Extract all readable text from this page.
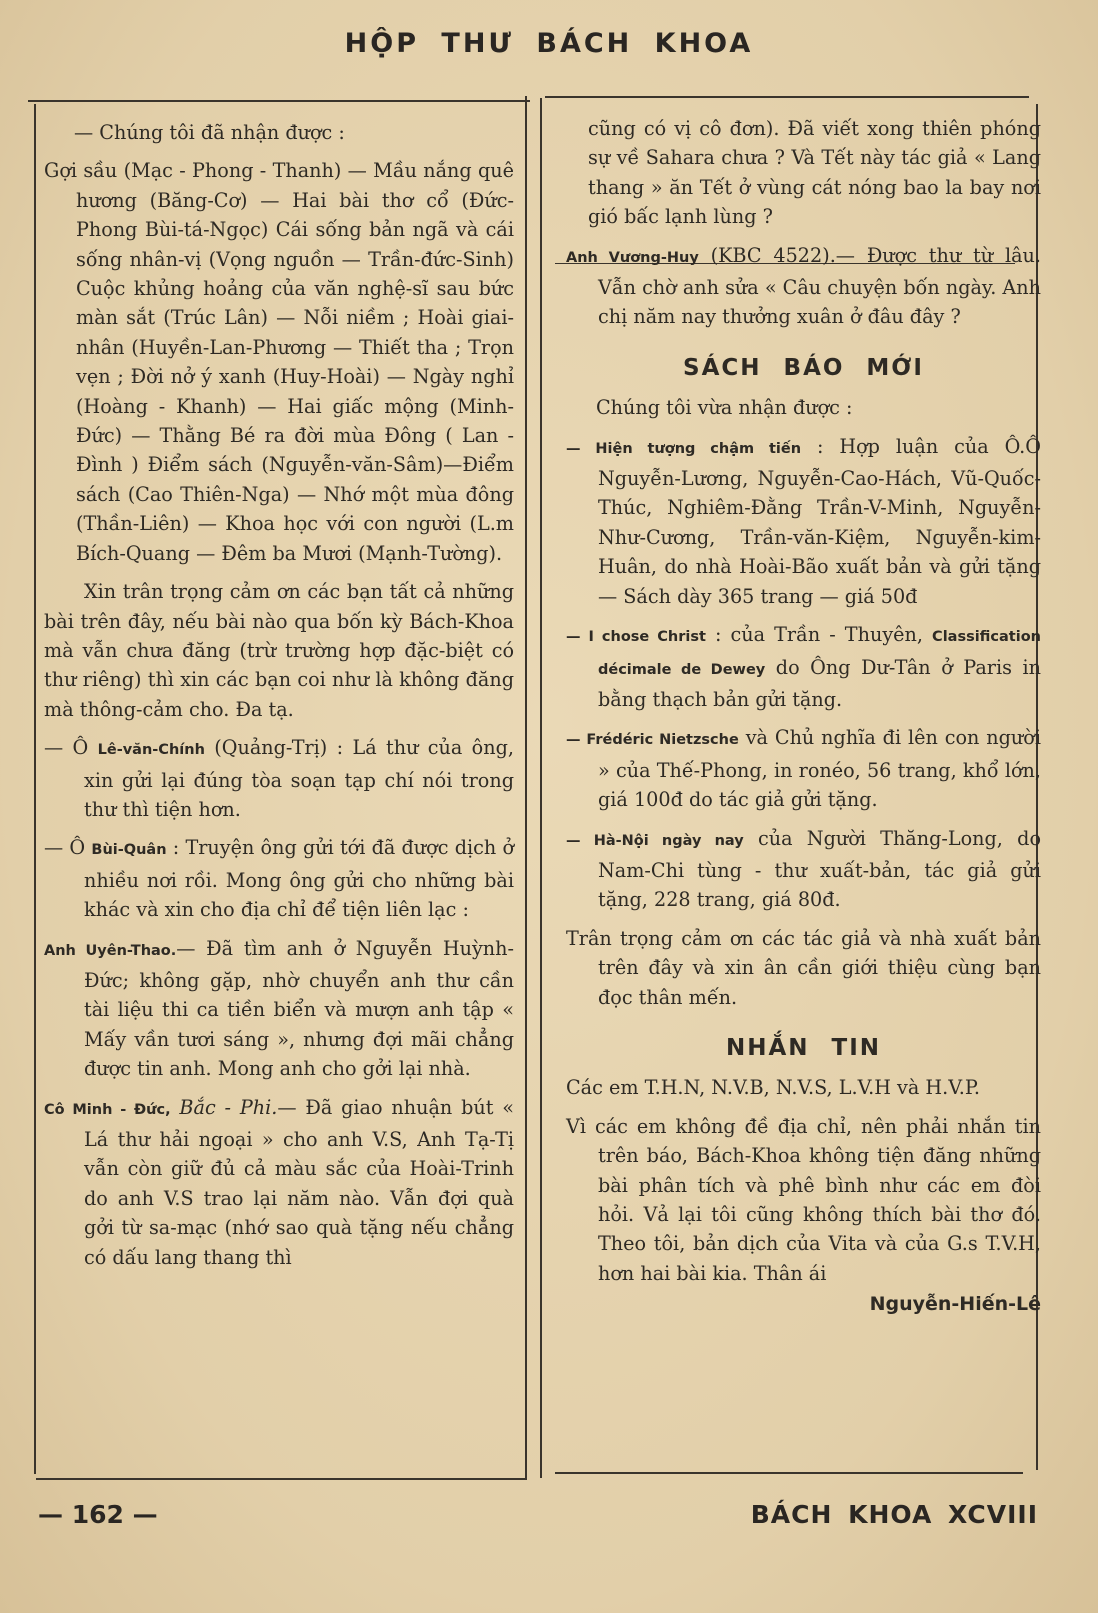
HỘP THƯ BÁCH KHOA

— Chúng tôi đã nhận được :

Gợi sầu (Mạc - Phong - Thanh) — Mầu nắng quê hương (Băng-Cơ) — Hai bài thơ cổ (Đức-Phong Bùi-tá-Ngọc) Cái sống bản ngã và cái sống nhân-vị (Vọng nguồn — Trần-đức-Sinh) Cuộc khủng hoảng của văn nghệ-sĩ sau bức màn sắt (Trúc Lân) — Nỗi niềm ; Hoài giai-nhân (Huyền-Lan-Phương — Thiết tha ; Trọn vẹn ; Đời nở ý xanh (Huy-Hoài) — Ngày nghỉ (Hoàng - Khanh) — Hai giấc mộng (Minh-Đức) — Thằng Bé ra đời mùa Đông ( Lan - Đình ) Điểm sách (Nguyễn-văn-Sâm)—Điểm sách (Cao Thiên-Nga) — Nhớ một mùa đông (Thần-Liên) — Khoa học với con người (L.m Bích-Quang — Đêm ba Mươi (Mạnh-Tường).

Xin trân trọng cảm ơn các bạn tất cả những bài trên đây, nếu bài nào qua bốn kỳ Bách-Khoa mà vẫn chưa đăng (trừ trường hợp đặc-biệt có thư riêng) thì xin các bạn coi như là không đăng mà thông-cảm cho. Đa tạ.

— Ô Lê-văn-Chính (Quảng-Trị) : Lá thư của ông, xin gửi lại đúng tòa soạn tạp chí nói trong thư thì tiện hơn.

— Ô Bùi-Quân : Truyện ông gửi tới đã được dịch ở nhiều nơi rồi. Mong ông gửi cho những bài khác và xin cho địa chỉ để tiện liên lạc :

Anh Uyên-Thao.— Đã tìm anh ở Nguyễn Huỳnh-Đức; không gặp, nhờ chuyển anh thư cần tài liệu thi ca tiền biển và mượn anh tập « Mấy vần tươi sáng », nhưng đợi mãi chẳng được tin anh. Mong anh cho gởi lại nhà.

Cô Minh - Đức, Bắc - Phi.— Đã giao nhuận bút « Lá thư hải ngoại » cho anh V.S, Anh Tạ-Tị vẫn còn giữ đủ cả màu sắc của Hoài-Trinh do anh V.S trao lại năm nào. Vẫn đợi quà gởi từ sa-mạc (nhớ sao quà tặng nếu chẳng có dấu lang thang thì

cũng có vị cô đơn). Đã viết xong thiên phóng sự về Sahara chưa ? Và Tết này tác giả « Lang thang » ăn Tết ở vùng cát nóng bao la bay nơi gió bấc lạnh lùng ?

Anh Vương-Huy (KBC 4522).— Được thư từ lâu. Vẫn chờ anh sửa « Câu chuyện bốn ngày. Anh chị năm nay thưởng xuân ở đâu đây ?

SÁCH BÁO MỚI

Chúng tôi vừa nhận được :

— Hiện tượng chậm tiến : Hợp luận của Ô.Ô Nguyễn-Lương, Nguyễn-Cao-Hách, Vũ-Quốc-Thúc, Nghiêm-Đằng Trần-V-Minh, Nguyễn-Như-Cương, Trần-văn-Kiệm, Nguyễn-kim-Huân, do nhà Hoài-Bão xuất bản và gửi tặng — Sách dày 365 trang — giá 50đ

— I chose Christ : của Trần - Thuyên, Classification décimale de Dewey do Ông Dư-Tân ở Paris in bằng thạch bản gửi tặng.

— Frédéric Nietzsche và Chủ nghĩa đi lên con người » của Thế-Phong, in ronéo, 56 trang, khổ lớn, giá 100đ do tác giả gửi tặng.

— Hà-Nội ngày nay của Người Thăng-Long, do Nam-Chi tùng - thư xuất-bản, tác giả gửi tặng, 228 trang, giá 80đ.

Trân trọng cảm ơn các tác giả và nhà xuất bản trên đây và xin ân cần giới thiệu cùng bạn đọc thân mến.

NHẮN TIN

Các em T.H.N, N.V.B, N.V.S, L.V.H và H.V.P.

Vì các em không đề địa chỉ, nên phải nhắn tin trên báo, Bách-Khoa không tiện đăng những bài phân tích và phê bình như các em đòi hỏi. Vả lại tôi cũng không thích bài thơ đó. Theo tôi, bản dịch của Vita và của G.s T.V.H, hơn hai bài kia. Thân ái

Nguyễn-Hiến-Lê
— 162 —	BÁCH KHOA XCVIII
